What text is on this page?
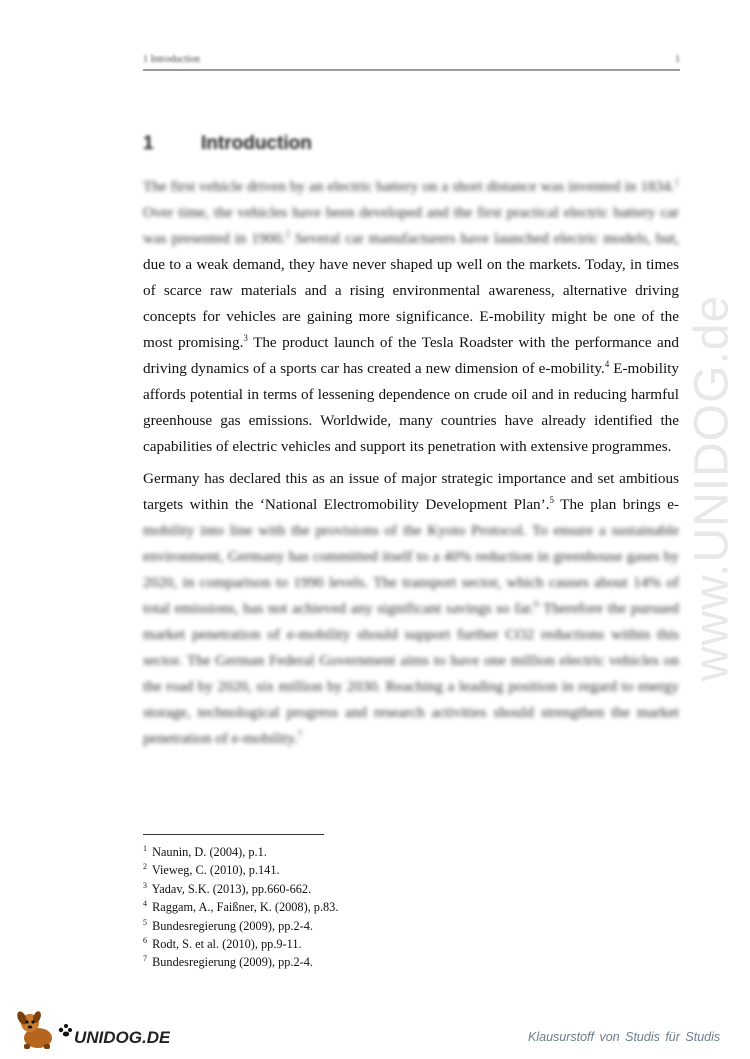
1 Introduction	1
1 Introduction
The first vehicle driven by an electric battery on a short distance was invented in 1834.$^1$ Over time, the vehicles have been developed and the first practical electric battery car was presented in 1900.$^2$ Several car manufacturers have launched electric models, but, due to a weak demand, they have never shaped up well on the markets. Today, in times of scarce raw materials and a rising environmental awareness, alternative driving concepts for vehicles are gaining more significance. E-mobility might be one of the most promising.$^3$ The product launch of the Tesla Roadster with the performance and driving dynamics of a sports car has created a new dimension of e-mobility.$^4$ E-mobility affords potential in terms of lessening dependence on crude oil and in reducing harmful greenhouse gas emissions. Worldwide, many countries have already identified the capabilities of electric vehicles and support its penetration with extensive programmes.
Germany has declared this as an issue of major strategic importance and set ambitious targets within the ‘National Electromobility Development Plan’.$^5$ The plan brings e-mobility into line with the provisions of the Kyoto Protocol. To ensure a sustainable environment, Germany has committed itself to a 40% reduction in greenhouse gases by 2020, in comparison to 1990 levels. The transport sector, which causes about 14% of total emissions, has not achieved any significant savings so far.$^6$ Therefore the pursued market penetration of e-mobility should support further CO2 reductions within this sector. The German Federal Government aims to have one million electric vehicles on the road by 2020, six million by 2030. Reaching a leading position in regard to energy storage, technological progress and research activities should strengthen the market penetration of e-mobility.$^7$
$^1$ Naunin, D. (2004), p.1.
$^2$ Vieweg, C. (2010), p.141.
$^3$ Yadav, S.K. (2013), pp.660-662.
$^4$ Raggam, A., Faißner, K. (2008), p.83.
$^5$ Bundesregierung (2009), pp.2-4.
$^6$ Rodt, S. et al. (2010), pp.9-11.
$^7$ Bundesregierung (2009), pp.2-4.
www.UNIDOG.de
UNIDOG.DE	Klausurstoff von Studis für Studis
